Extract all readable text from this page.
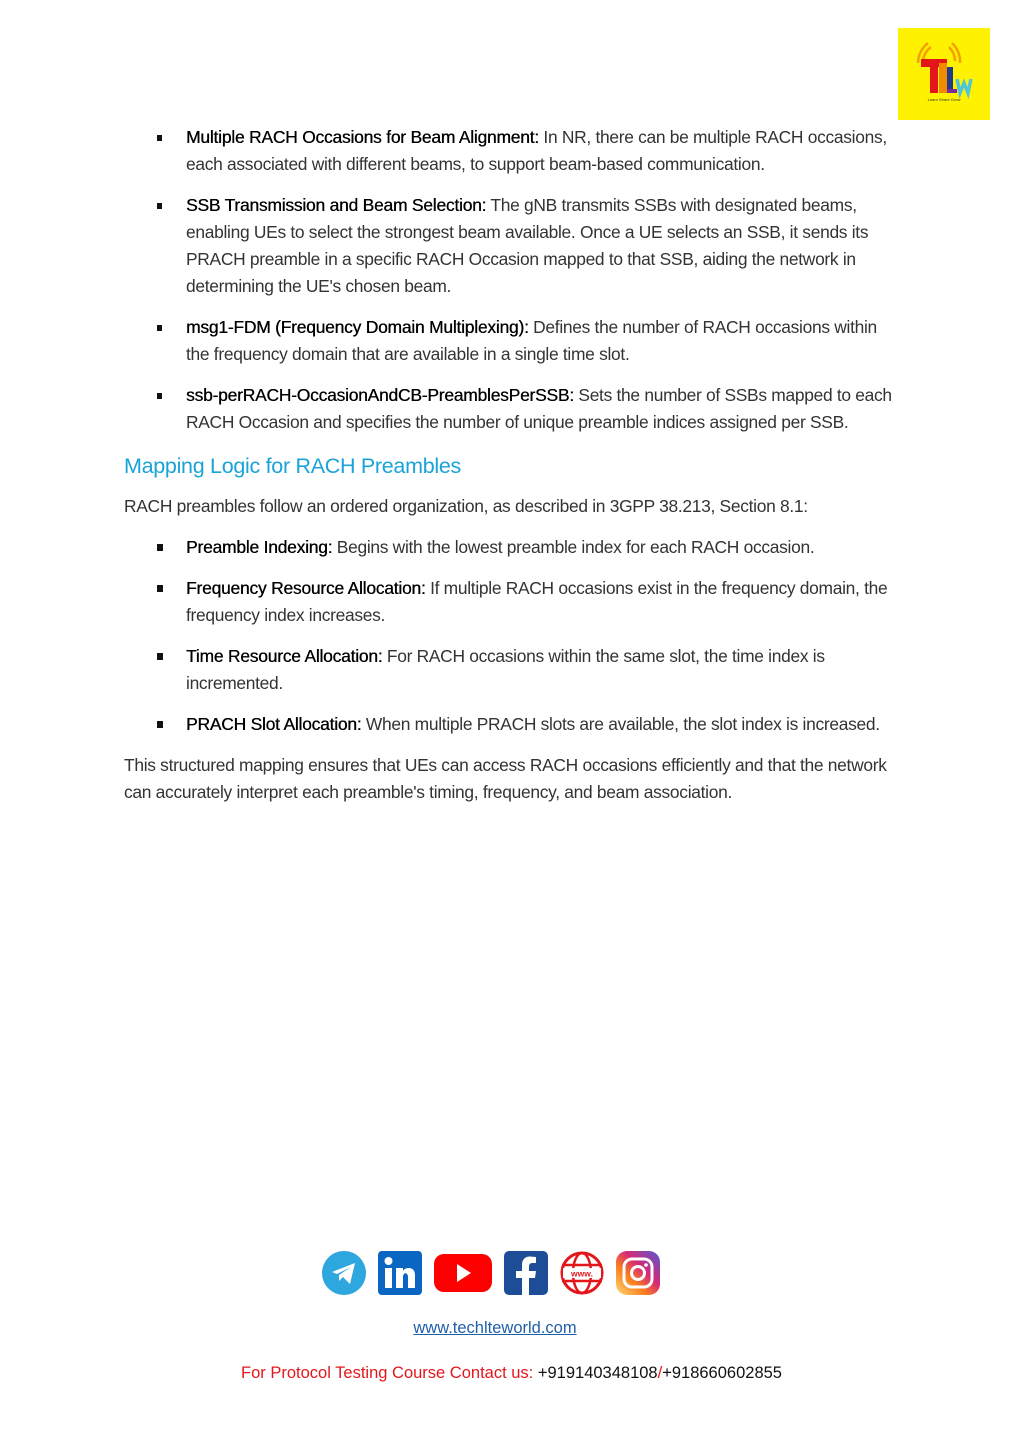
Learn Share Grow
Multiple RACH Occasions for Beam Alignment: In NR, there can be multiple RACH occasions, each associated with different beams, to support beam-based communication.
SSB Transmission and Beam Selection: The gNB transmits SSBs with designated beams, enabling UEs to select the strongest beam available. Once a UE selects an SSB, it sends its PRACH preamble in a specific RACH Occasion mapped to that SSB, aiding the network in determining the UE's chosen beam.
msg1-FDM (Frequency Domain Multiplexing): Defines the number of RACH occasions within the frequency domain that are available in a single time slot.
ssb-perRACH-OccasionAndCB-PreamblesPerSSB: Sets the number of SSBs mapped to each RACH Occasion and specifies the number of unique preamble indices assigned per SSB.
Mapping Logic for RACH Preambles

RACH preambles follow an ordered organization, as described in 3GPP 38.213, Section 8.1:

Preamble Indexing: Begins with the lowest preamble index for each RACH occasion.
Frequency Resource Allocation: If multiple RACH occasions exist in the frequency domain, the frequency index increases.
Time Resource Allocation: For RACH occasions within the same slot, the time index is incremented.
PRACH Slot Allocation: When multiple PRACH slots are available, the slot index is increased.

This structured mapping ensures that UEs can access RACH occasions efficiently and that the network can accurately interpret each preamble's timing, frequency, and beam association.

www.
www.techlteworld.com
For Protocol Testing Course Contact us: +919140348108/+918660602855
